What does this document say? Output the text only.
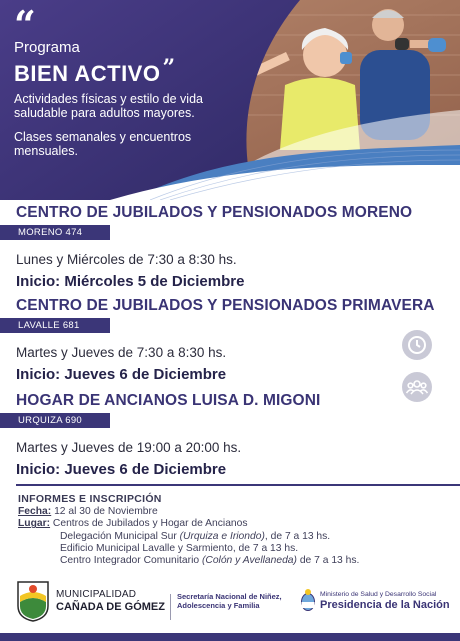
“
Programa
BIEN ACTIVO”
Actividades físicas y estilo de vida saludable para adultos mayores.
Clases semanales y encuentros mensuales.
CENTRO DE JUBILADOS Y PENSIONADOS MORENO
MORENO 474
Lunes y Miércoles de 7:30 a 8:30 hs.
Inicio: Miércoles 5 de Diciembre
CENTRO DE JUBILADOS Y PENSIONADOS PRIMAVERA
LAVALLE 681
Martes y Jueves de 7:30 a 8:30 hs.
Inicio: Jueves 6 de Diciembre
HOGAR DE ANCIANOS LUISA D. MIGONI
URQUIZA 690
Martes y Jueves de 19:00 a 20:00 hs.
Inicio: Jueves 6 de Diciembre
INFORMES E INSCRIPCIÓN
Fecha: 12 al 30 de Noviembre
Lugar: Centros de Jubilados y Hogar de Ancianos
Delegación Municipal Sur (Urquiza e Iriondo), de 7 a 13 hs.
Edificio Municipal Lavalle y Sarmiento, de 7 a 13 hs.
Centro Integrador Comunitario (Colón y Avellaneda) de 7 a 13 hs.
MUNICIPALIDAD
CAÑADA DE GÓMEZ
Secretaría Nacional de Niñez,
Adolescencia y Familia
Ministerio de Salud y Desarrollo Social
Presidencia de la Nación
